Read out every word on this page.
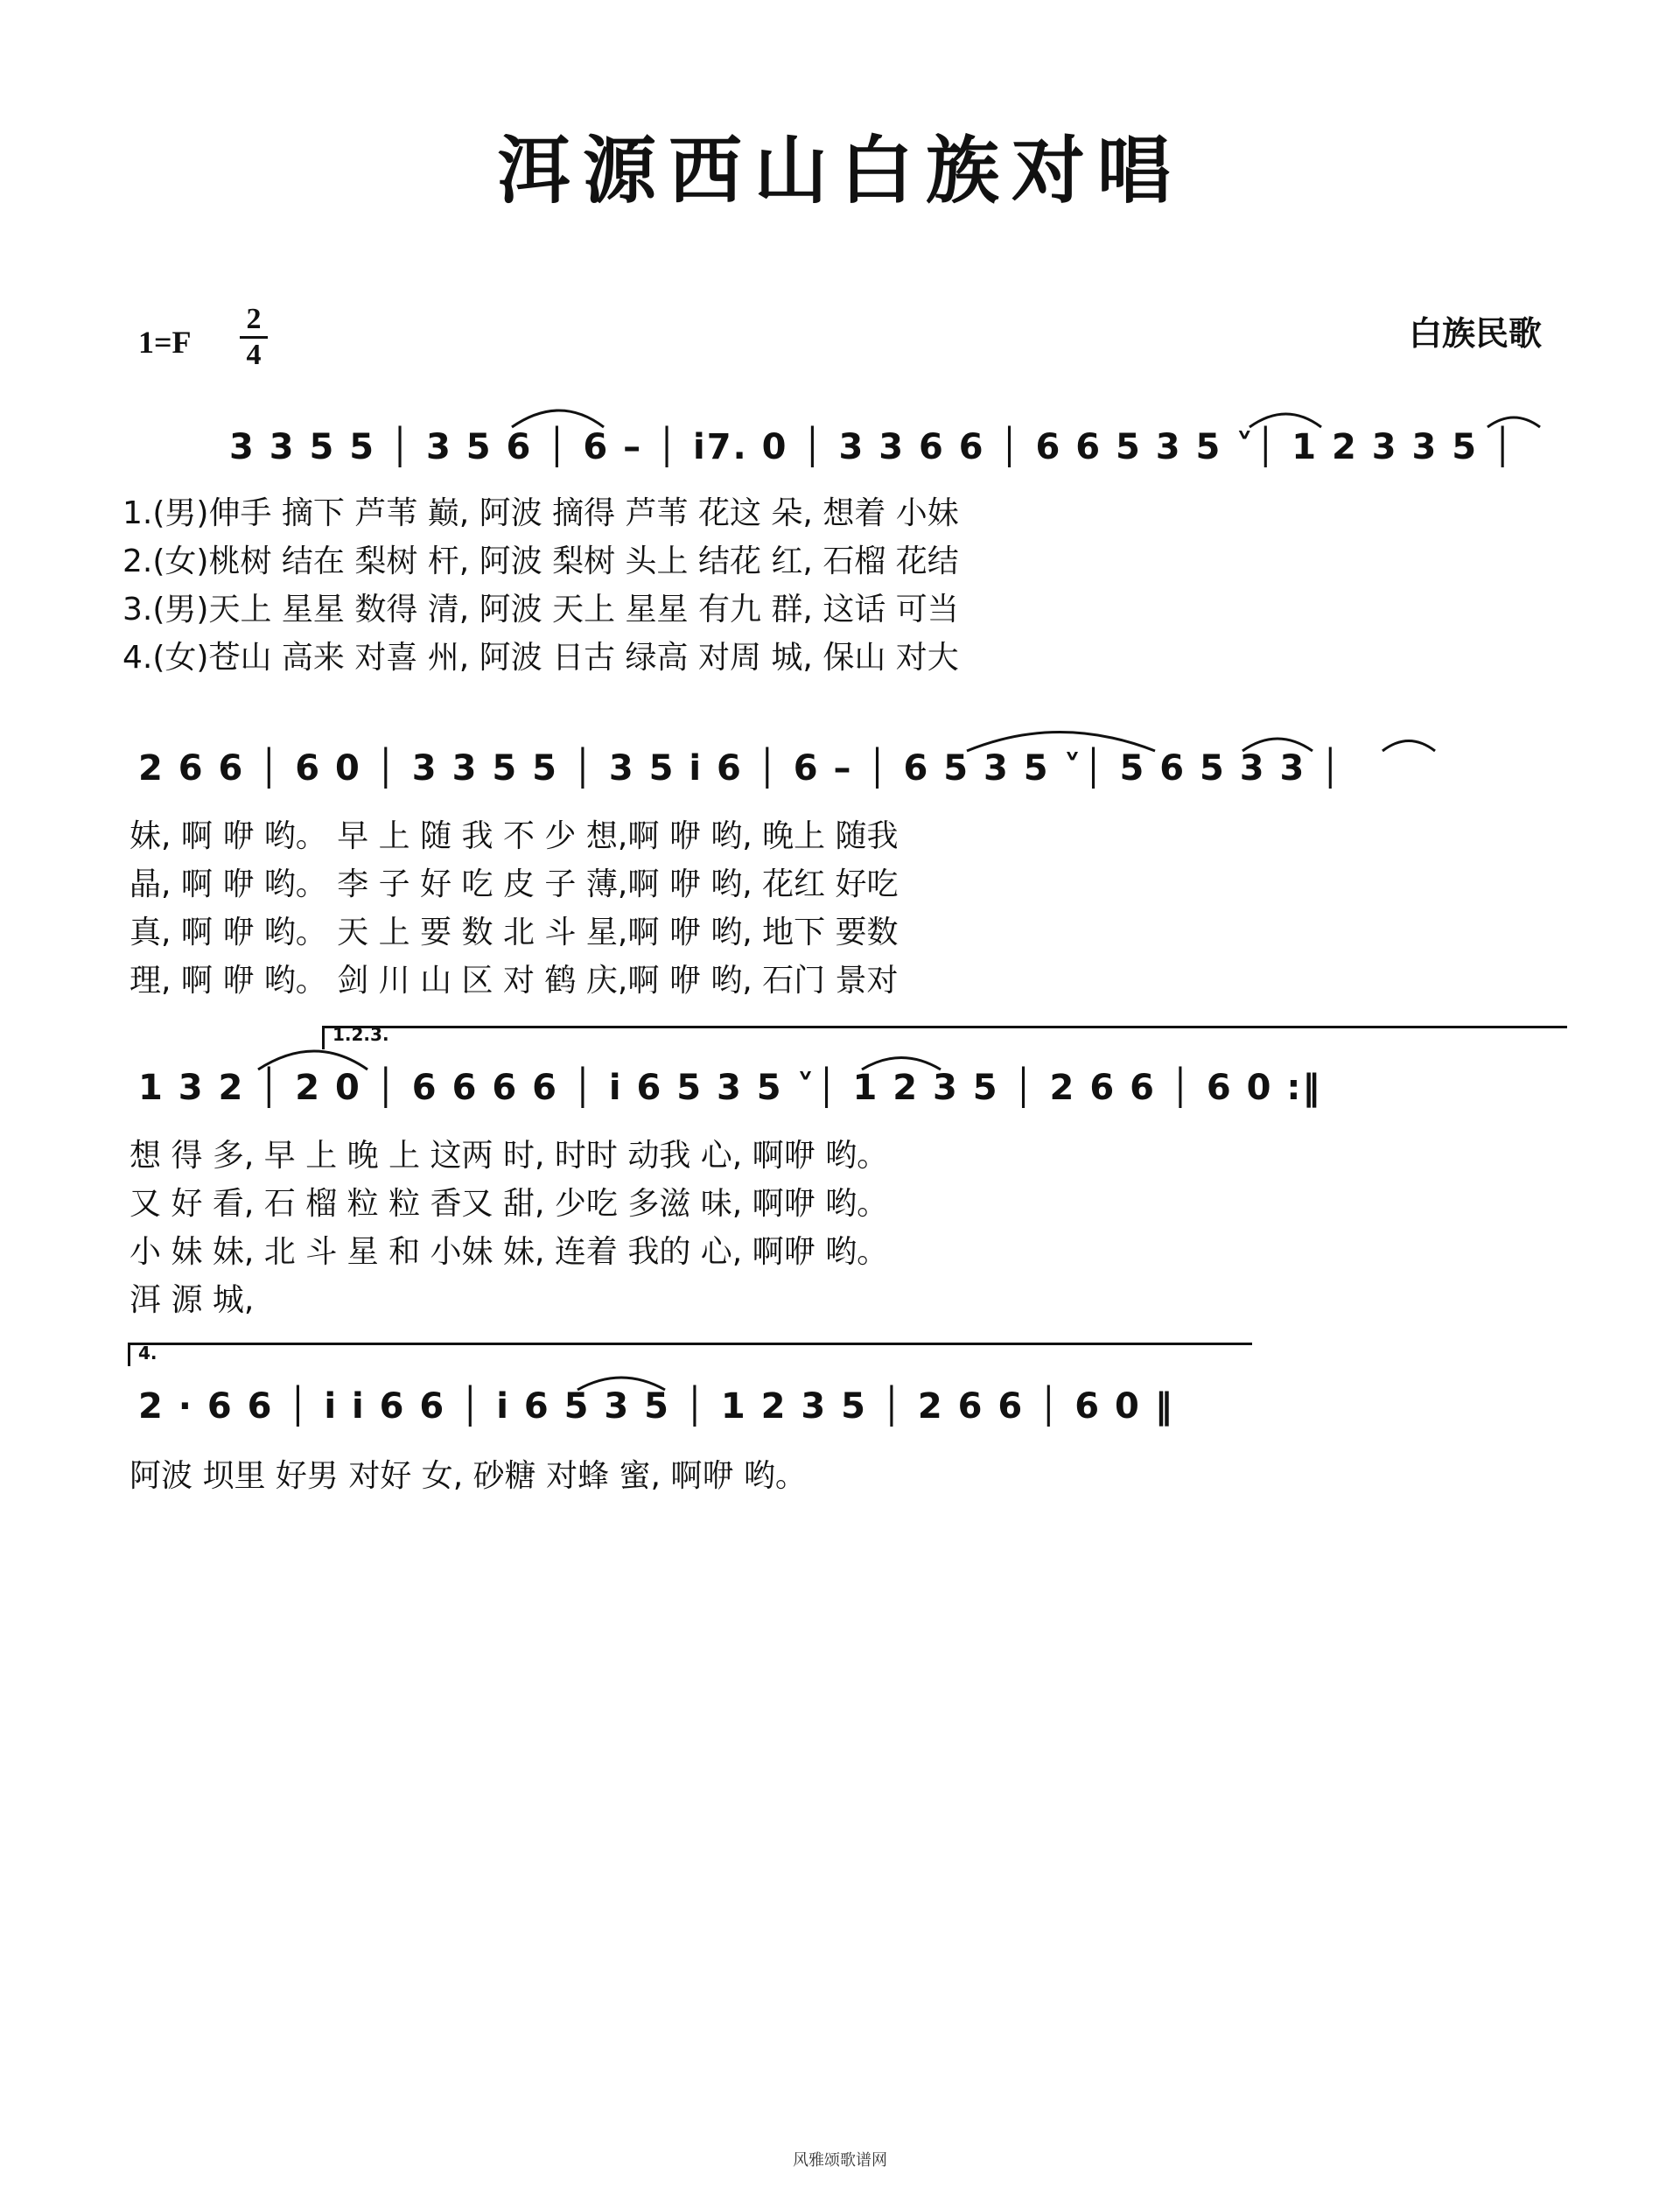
洱源西山白族对唱
1=F
2
4
白族民歌
3 3 5 5 │ 3 5 6 │ 6 – │ i7. 0 │ 3 3 6 6 │ 6 6 5 3 5 ˅│ 1 2 3 3 5 │
1.(男)伸手 摘下 芦苇 巅, 阿波 摘得 芦苇 花这 朵, 想着 小妹
2.(女)桃树 结在 梨树 杆, 阿波 梨树 头上 结花 红, 石榴 花结
3.(男)天上 星星 数得 清, 阿波 天上 星星 有九 群, 这话 可当
4.(女)苍山 高来 对喜 州, 阿波 日古 绿高 对周 城, 保山 对大
2 6 6 │ 6 0 │ 3 3 5 5 │ 3 5 i 6 │ 6 – │ 6 5 3 5 ˅│ 5 6 5 3 3 │
妹, 啊 咿 哟。 早 上 随 我 不 少 想,啊 咿 哟, 晚上 随我
晶, 啊 咿 哟。 李 子 好 吃 皮 子 薄,啊 咿 哟, 花红 好吃
真, 啊 咿 哟。 天 上 要 数 北 斗 星,啊 咿 哟, 地下 要数
理, 啊 咿 哟。 剑 川 山 区 对 鹤 庆,啊 咿 哟, 石门 景对
1.2.3.
1 3 2 │ 2 0 │ 6 6 6 6 │ i 6 5 3 5 ˅│ 1 2 3 5 │ 2 6 6 │ 6 0 :‖
想 得 多, 早 上 晚 上 这两 时, 时时 动我 心, 啊咿 哟。
又 好 看, 石 榴 粒 粒 香又 甜, 少吃 多滋 味, 啊咿 哟。
小 妹 妹, 北 斗 星 和 小妹 妹, 连着 我的 心, 啊咿 哟。
洱 源 城,
4.
2 · 6 6 │ i i 6 6 │ i 6 5 3 5 │ 1 2 3 5 │ 2 6 6 │ 6 0 ‖
阿波 坝里 好男 对好 女, 砂糖 对蜂 蜜, 啊咿 哟。
风雅颂歌谱网
